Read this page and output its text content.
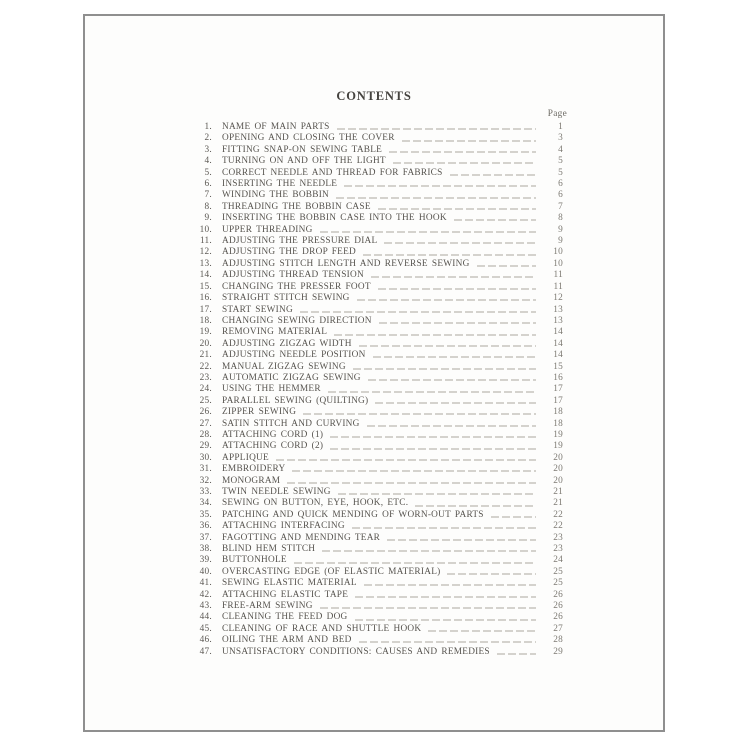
CONTENTS
Page
1. NAME OF MAIN PARTS	1
2. OPENING AND CLOSING THE COVER	3
3. FITTING SNAP-ON SEWING TABLE	4
4. TURNING ON AND OFF THE LIGHT	5
5. CORRECT NEEDLE AND THREAD FOR FABRICS	5
6. INSERTING THE NEEDLE	6
7. WINDING THE BOBBIN	6
8. THREADING THE BOBBIN CASE	7
9. INSERTING THE BOBBIN CASE INTO THE HOOK	8
10. UPPER THREADING	9
11. ADJUSTING THE PRESSURE DIAL	9
12. ADJUSTING THE DROP FEED	10
13. ADJUSTING STITCH LENGTH AND REVERSE SEWING	10
14. ADJUSTING THREAD TENSION	11
15. CHANGING THE PRESSER FOOT	11
16. STRAIGHT STITCH SEWING	12
17. START SEWING	13
18. CHANGING SEWING DIRECTION	13
19. REMOVING MATERIAL	14
20. ADJUSTING ZIGZAG WIDTH	14
21. ADJUSTING NEEDLE POSITION	14
22. MANUAL ZIGZAG SEWING	15
23. AUTOMATIC ZIGZAG SEWING	16
24. USING THE HEMMER	17
25. PARALLEL SEWING (QUILTING)	17
26. ZIPPER SEWING	18
27. SATIN STITCH AND CURVING	18
28. ATTACHING CORD (1)	19
29. ATTACHING CORD (2)	19
30. APPLIQUE	20
31. EMBROIDERY	20
32. MONOGRAM	20
33. TWIN NEEDLE SEWING	21
34. SEWING ON BUTTON, EYE, HOOK, ETC.	21
35. PATCHING AND QUICK MENDING OF WORN-OUT PARTS	22
36. ATTACHING INTERFACING	22
37. FAGOTTING AND MENDING TEAR	23
38. BLIND HEM STITCH	23
39. BUTTONHOLE	24
40. OVERCASTING EDGE (OF ELASTIC MATERIAL)	25
41. SEWING ELASTIC MATERIAL	25
42. ATTACHING ELASTIC TAPE	26
43. FREE-ARM SEWING	26
44. CLEANING THE FEED DOG	26
45. CLEANING OF RACE AND SHUTTLE HOOK	27
46. OILING THE ARM AND BED	28
47. UNSATISFACTORY CONDITIONS: CAUSES AND REMEDIES	29
